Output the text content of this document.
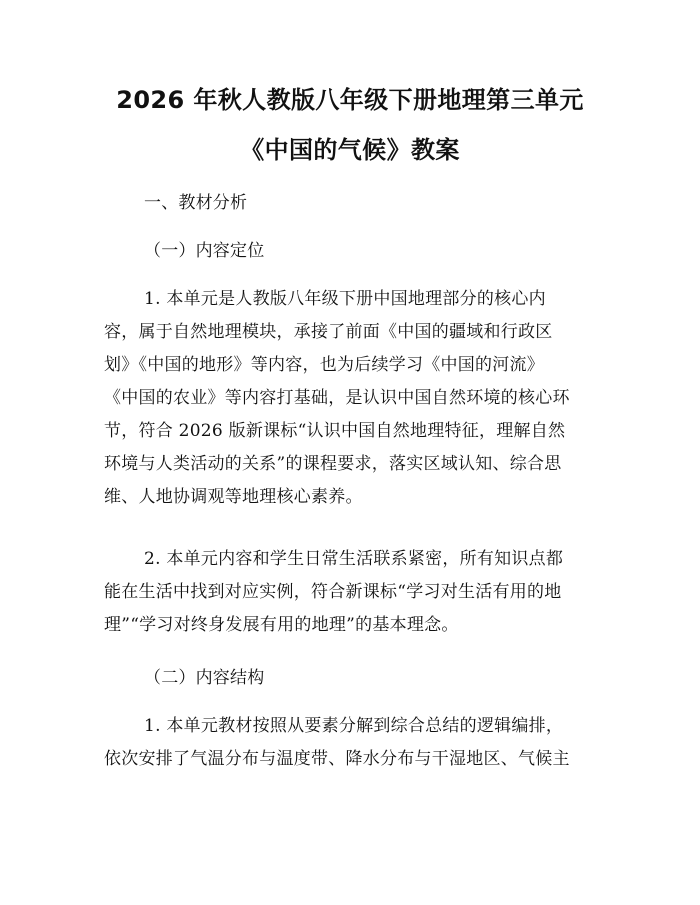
2026 年秋人教版八年级下册地理第三单元
《中国的气候》教案
一、教材分析
（一）内容定位
1. 本单元是人教版八年级下册中国地理部分的核心内
容，属于自然地理模块，承接了前面《中国的疆域和行政区
划》《中国的地形》等内容，也为后续学习《中国的河流》
《中国的农业》等内容打基础，是认识中国自然环境的核心环
节，符合 2026 版新课标“认识中国自然地理特征，理解自然
环境与人类活动的关系”的课程要求，落实区域认知、综合思
维、人地协调观等地理核心素养。
2. 本单元内容和学生日常生活联系紧密，所有知识点都
能在生活中找到对应实例，符合新课标“学习对生活有用的地
理”“学习对终身发展有用的地理”的基本理念。
（二）内容结构
1. 本单元教材按照从要素分解到综合总结的逻辑编排，
依次安排了气温分布与温度带、降水分布与干湿地区、气候主
